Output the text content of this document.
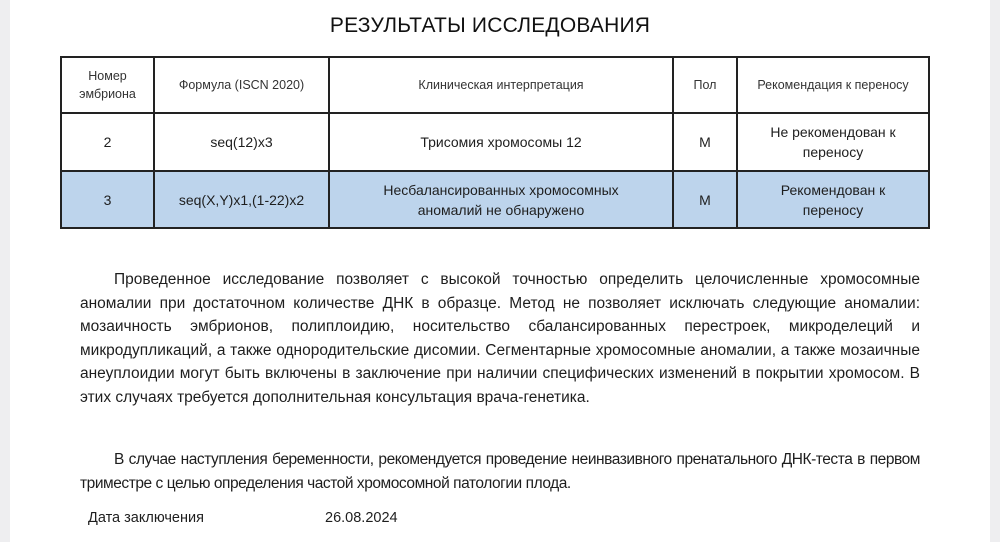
РЕЗУЛЬТАТЫ ИССЛЕДОВАНИЯ
Номер эмбриона	Формула (ISCN 2020)	Клиническая интерпретация	Пол	Рекомендация к переносу
2	seq(12)x3	Трисомия хромосомы 12	М	Не рекомендован к переносу
3	seq(X,Y)x1,(1-22)x2	Несбалансированных хромосомных аномалий не обнаружено	М	Рекомендован к переносу
Проведенное исследование позволяет с высокой точностью определить целочисленные хромосомные аномалии при достаточном количестве ДНК в образце. Метод не позволяет исключать следующие аномалии: мозаичность эмбрионов, полиплоидию, носительство сбалансированных перестроек, микроделеций и микродупликаций, а также однородительские дисомии. Сегментарные хромосомные аномалии, а также мозаичные анеуплоидии могут быть включены в заключение при наличии специфических изменений в покрытии хромосом. В этих случаях требуется дополнительная консультация врача-генетика.
В случае наступления беременности, рекомендуется проведение неинвазивного пренатального ДНК-теста в первом триместре с целью определения частой хромосомной патологии плода.
Дата заключения	26.08.2024
